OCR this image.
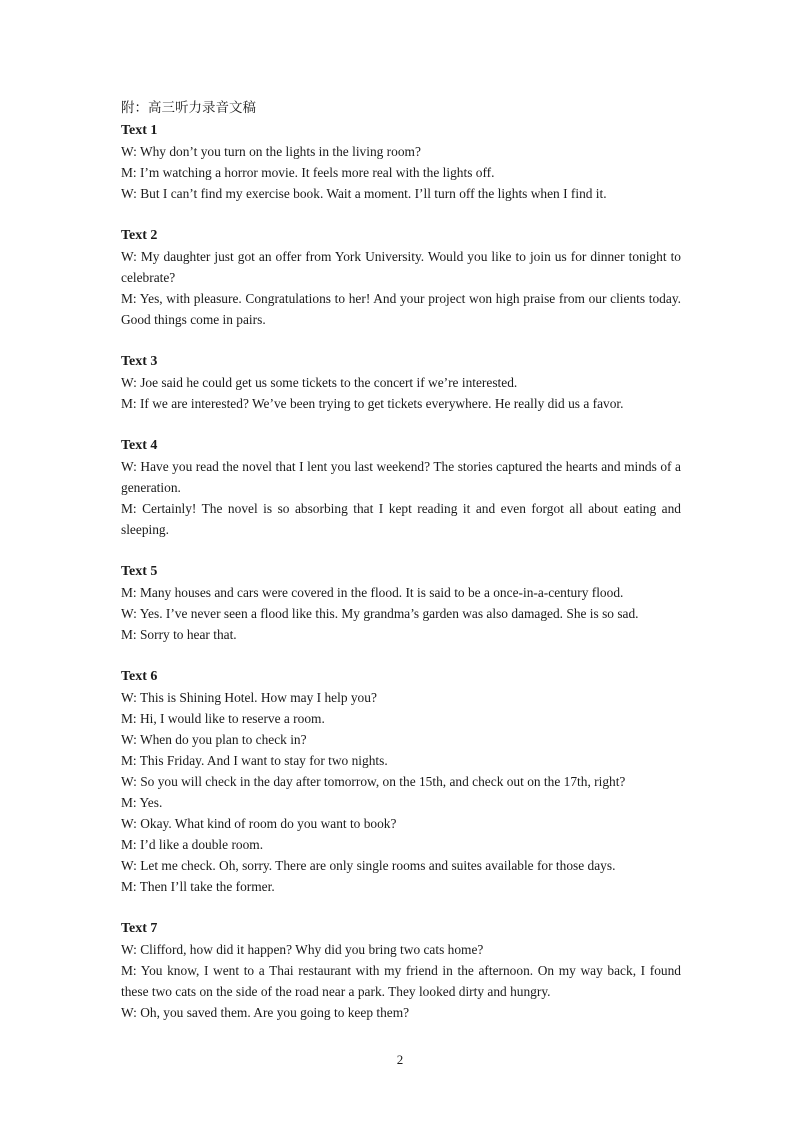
附：高三听力录音文稿
Text 1
W: Why don’t you turn on the lights in the living room?
M: I’m watching a horror movie. It feels more real with the lights off.
W: But I can’t find my exercise book. Wait a moment. I’ll turn off the lights when I find it.
Text 2
W: My daughter just got an offer from York University. Would you like to join us for dinner tonight to celebrate?
M: Yes, with pleasure. Congratulations to her! And your project won high praise from our clients today. Good things come in pairs.
Text 3
W: Joe said he could get us some tickets to the concert if we’re interested.
M: If we are interested? We’ve been trying to get tickets everywhere. He really did us a favor.
Text 4
W: Have you read the novel that I lent you last weekend? The stories captured the hearts and minds of a generation.
M: Certainly! The novel is so absorbing that I kept reading it and even forgot all about eating and sleeping.
Text 5
M: Many houses and cars were covered in the flood. It is said to be a once-in-a-century flood.
W: Yes. I’ve never seen a flood like this. My grandma’s garden was also damaged. She is so sad.
M: Sorry to hear that.
Text 6
W: This is Shining Hotel. How may I help you?
M: Hi, I would like to reserve a room.
W: When do you plan to check in?
M: This Friday. And I want to stay for two nights.
W: So you will check in the day after tomorrow, on the 15th, and check out on the 17th, right?
M: Yes.
W: Okay. What kind of room do you want to book?
M: I’d like a double room.
W: Let me check. Oh, sorry. There are only single rooms and suites available for those days.
M: Then I’ll take the former.
Text 7
W: Clifford, how did it happen? Why did you bring two cats home?
M: You know, I went to a Thai restaurant with my friend in the afternoon. On my way back, I found these two cats on the side of the road near a park. They looked dirty and hungry.
W: Oh, you saved them. Are you going to keep them?
2
